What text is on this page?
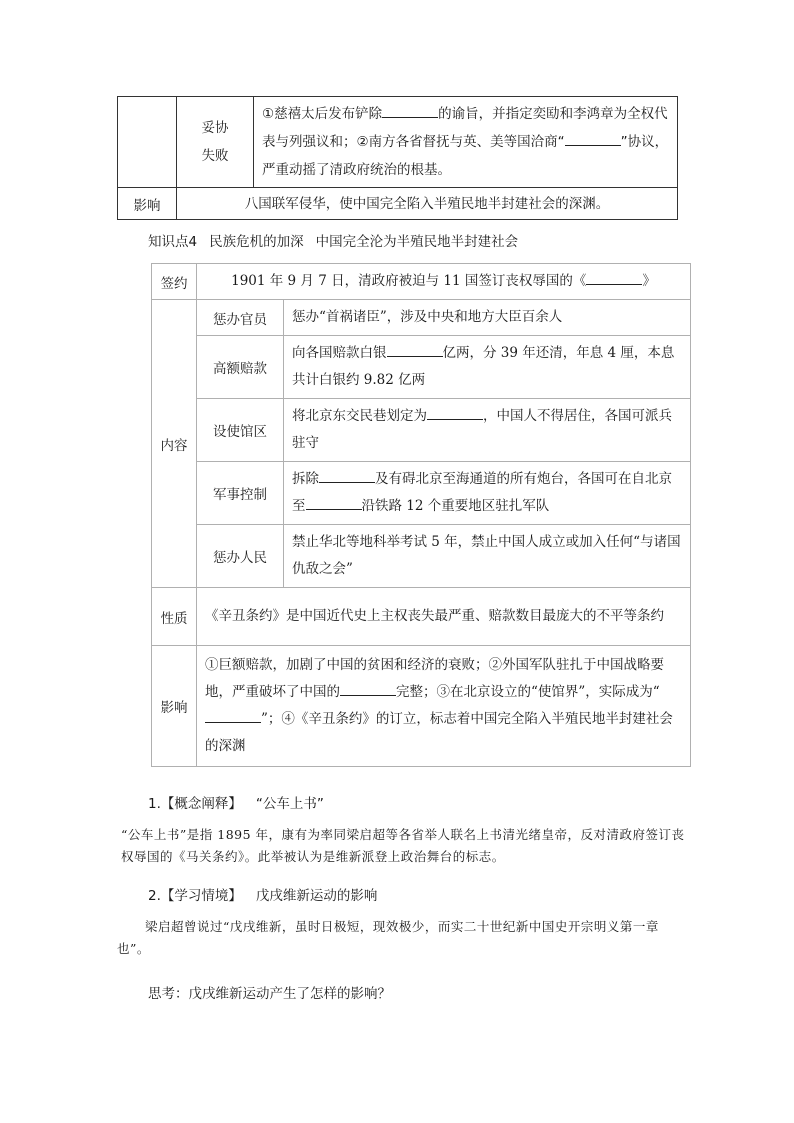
	妥协
失败	①慈禧太后发布铲除 的谕旨，并指定奕劻和李鸿章为全权代表与列强议和；②南方各省督抚与英、美等国洽商“ ”协议，严重动摇了清政府统治的根基。
影响	八国联军侵华，使中国完全陷入半殖民地半封建社会的深渊。	
知识点4 民族危机的加深 中国完全沦为半殖民地半封建社会
签约	1901 年 9 月 7 日，清政府被迫与 11 国签订丧权辱国的《 》	
内容	惩办官员	惩办“首祸诸臣”，涉及中央和地方大臣百余人
	高额赔款	向各国赔款白银 亿两，分 39 年还清，年息 4 厘，本息共计白银约 9.82 亿两
	设使馆区	将北京东交民巷划定为 ，中国人不得居住，各国可派兵驻守
	军事控制	拆除 及有碍北京至海通道的所有炮台，各国可在自北京至 沿铁路 12 个重要地区驻扎军队
	惩办人民	禁止华北等地科举考试 5 年，禁止中国人成立或加入任何“与诸国仇敌之会”
性质	《辛丑条约》是中国近代史上主权丧失最严重、赔款数目最庞大的不平等条约	
影响	①巨额赔款，加剧了中国的贫困和经济的衰败；②外国军队驻扎于中国战略要地，严重破坏了中国的 完整；③在北京设立的“使馆界”，实际成为“”；④《辛丑条约》的订立，标志着中国完全陷入半殖民地半封建社会的深渊	
1.【概念阐释】 “公车上书”
“公车上书”是指 1895 年，康有为率同梁启超等各省举人联名上书清光绪皇帝，反对清政府签订丧权辱国的《马关条约》。此举被认为是维新派登上政治舞台的标志。
2.【学习情境】 戊戌维新运动的影响
梁启超曾说过“戊戌维新，虽时日极短，现效极少，而实二十世纪新中国史开宗明义第一章也”。
思考：戊戌维新运动产生了怎样的影响？
